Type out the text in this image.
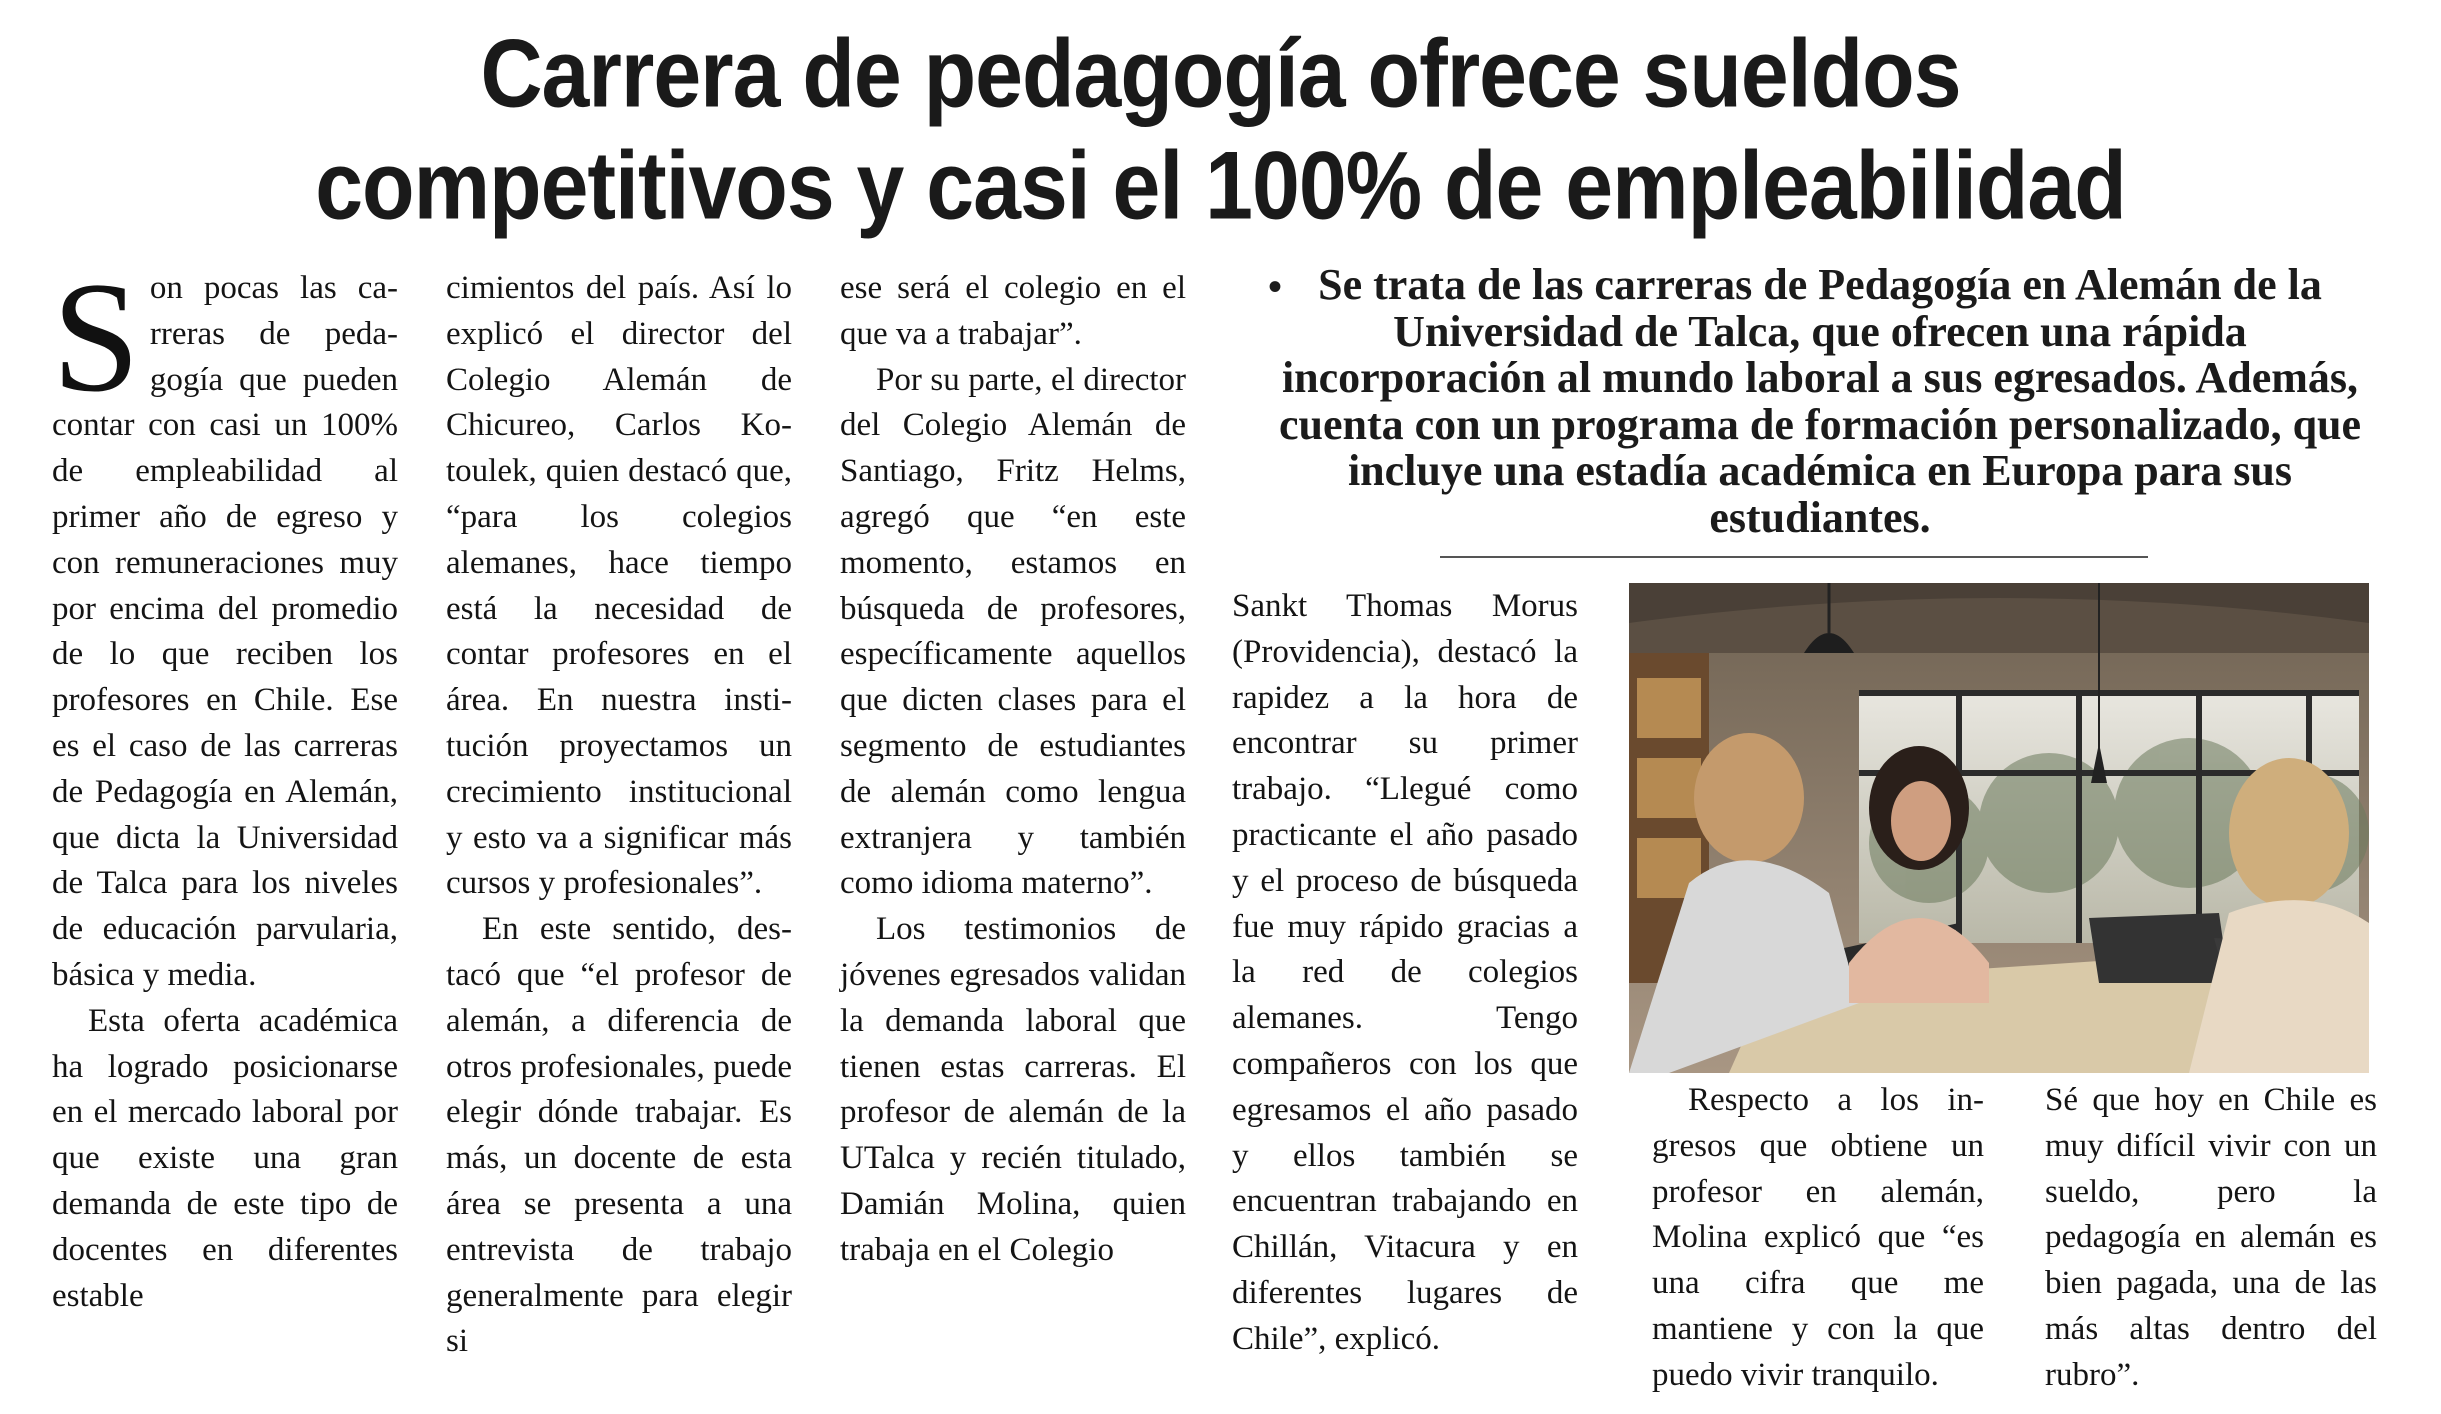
Carrera de pedagogía ofrece sueldos
competitivos y casi el 100% de empleabilidad

Son pocas las carreras de pedagogía que pueden contar con casi un 100% de empleabilidad al primer año de egreso y con remuneraciones muy por encima del promedio de lo que reciben los profesores en Chile. Ese es el caso de las carreras de Pedagogía en Alemán, que dicta la Universidad de Talca para los niveles de educación parvularia, básica y media.

Esta oferta académica ha logrado posicionarse en el mercado laboral por que existe una gran demanda de este tipo de docentes en diferentes estable

cimientos del país. Así lo explicó el director del Colegio Alemán de Chicureo, Carlos Kotoulek, quien destacó que, “para los colegios alemanes, hace tiempo está la necesidad de contar profesores en el área. En nuestra institución proyectamos un crecimiento institucional y esto va a significar más cursos y profesionales”.

En este sentido, destacó que “el profesor de alemán, a diferencia de otros profesionales, puede elegir dónde trabajar. Es más, un docente de esta área se presenta a una entrevista de trabajo generalmente para elegir si

ese será el colegio en el que va a trabajar”.

Por su parte, el director del Colegio Alemán de Santiago, Fritz Helms, agregó que “en este momento, estamos en búsqueda de profesores, específicamente aquellos que dicten clases para el segmento de estudiantes de alemán como lengua extranjera y también como idioma materno”.

Los testimonios de jóvenes egresados validan la demanda laboral que tienen estas carreras. El profesor de alemán de la UTalca y recién titulado, Damián Molina, quien trabaja en el Colegio

• Se trata de las carreras de Pedagogía en Alemán de la Universidad de Talca, que ofrecen una rápida incorporación al mundo laboral a sus egresados. Además, cuenta con un programa de formación personalizado, que incluye una estadía académica en Europa para sus estudiantes.

Sankt Thomas Morus (Providencia), destacó la rapidez a la hora de encontrar su primer trabajo. “Llegué como practicante el año pasado y el proceso de búsqueda fue muy rápido gracias a la red de colegios alemanes. Tengo compañeros con los que egresamos el año pasado y ellos también se encuentran trabajando en Chillán, Vitacura y en diferentes lugares de Chile”, explicó.

Respecto a los ingresos que obtiene un profesor en alemán, Molina explicó que “es una cifra que me mantiene y con la que puedo vivir tranquilo.

Sé que hoy en Chile es muy difícil vivir con un sueldo, pero la pedagogía en alemán es bien pagada, una de las más altas dentro del rubro”.
